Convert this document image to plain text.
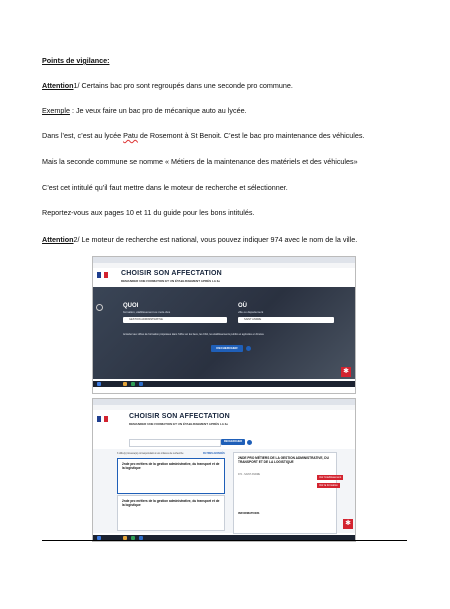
Points de vigilance:
Attention1/ Certains bac pro sont regroupés dans une seconde pro commune.
Exemple : Je veux faire un bac pro de mécanique auto au lycée.
Dans l’est, c’est au lycée Patu de Rosemont à St Benoit. C’est le bac pro maintenance des véhicules.
Mais la seconde commune se nomme « Métiers de la maintenance des matériels et des véhicules»
C’est cet intitulé qu’il faut mettre dans le moteur de recherche et sélectionner.
Reportez-vous aux pages 10 et 11 du guide pour les bons intitulés.
Attention2/ Le moteur de recherche est national, vous pouvez indiquer 974 avec le nom de la ville.
CHOISIR SON AFFECTATION
DEMANDER UNE FORMATION ET UN ÉTABLISSEMENT APRÈS LA 3e
QUOI
formation, établissement ou mots-clés
GESTION ADMINISTRATIVE
OÙ
ville ou département
SAINT ANDRE
Accédez aux offres de formation proposées dans l'offre sur les lieux, les CFA, les établissements publics et agricoles en France
RECHERCHER
✱
CHOISIR SON AFFECTATION
DEMANDER UNE FORMATION ET UN ÉTABLISSEMENT APRÈS LA 3e
RECHERCHER
3 offre(s) trouvée(s) correspondant à vos critères de recherche	FILTRES AVANCÉS
2nde pro métiers de la gestion administrative, du transport et de la logistique
2nde pro métiers de la gestion administrative, du transport et de la logistique
2NDE PRO MÉTIERS DE LA GESTION ADMINISTRATIVE, DU TRANSPORT ET DE LA LOGISTIQUE
974 - SAINT ANDRE
INFORMATIONS
Voir l'établissement
Voir la formation
✱
